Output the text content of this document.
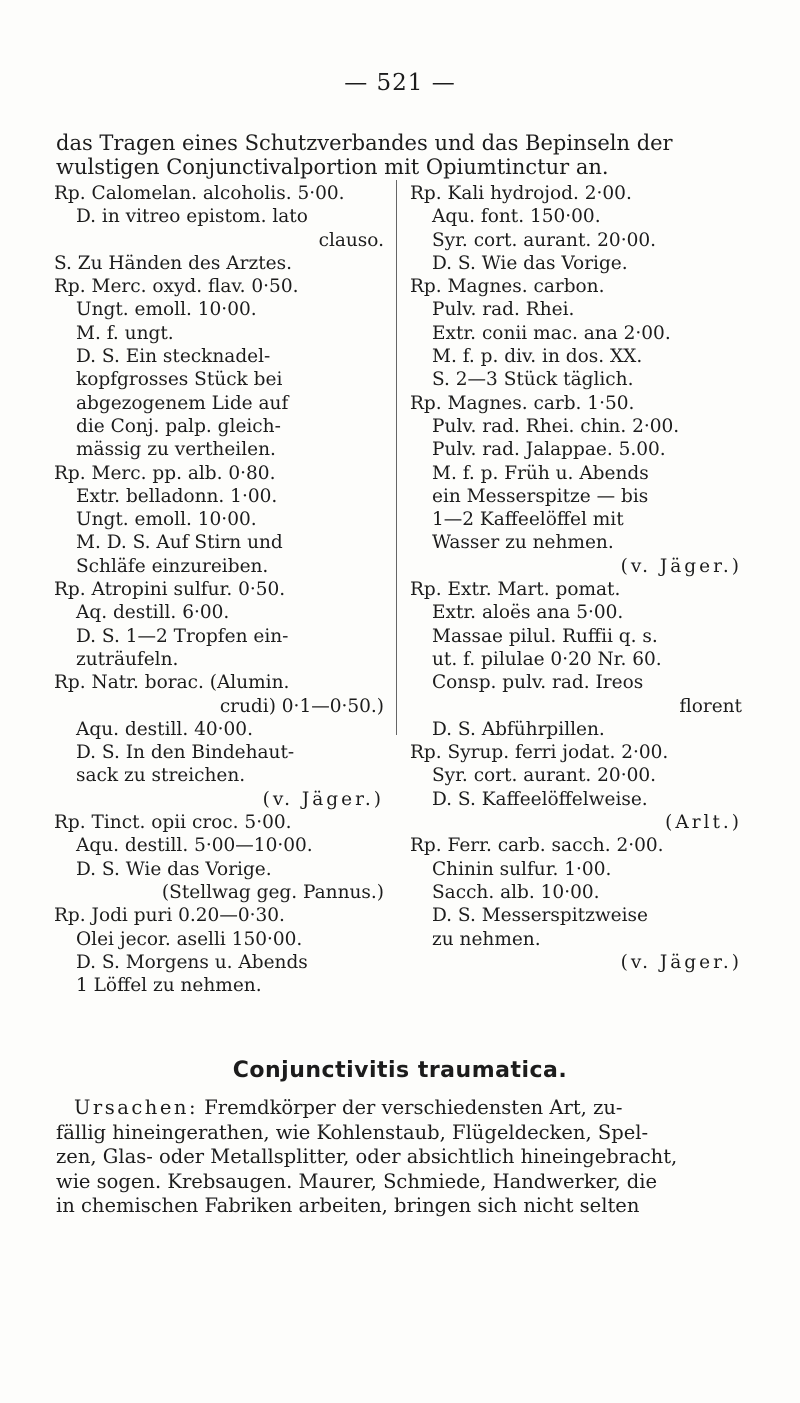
— 521 —
das Tragen eines Schutzverbandes und das Bepinseln der
wulstigen Conjunctivalportion mit Opiumtinctur an.
Rp. Calomelan. alcoholis. 5·00.
D. in vitreo epistom. lato
clauso.
S. Zu Händen des Arztes.
Rp. Merc. oxyd. flav. 0·50.
Ungt. emoll. 10·00.
M. f. ungt.
D. S. Ein stecknadel-
kopfgrosses Stück bei
abgezogenem Lide auf
die Conj. palp. gleich-
mässig zu vertheilen.
Rp. Merc. pp. alb. 0·80.
Extr. belladonn. 1·00.
Ungt. emoll. 10·00.
M. D. S. Auf Stirn und
Schläfe einzureiben.
Rp. Atropini sulfur. 0·50.
Aq. destill. 6·00.
D. S. 1—2 Tropfen ein-
zuträufeln.
Rp. Natr. borac. (Alumin.
crudi) 0·1—0·50.)
Aqu. destill. 40·00.
D. S. In den Bindehaut-
sack zu streichen.
(v. Jäger.)
Rp. Tinct. opii croc. 5·00.
Aqu. destill. 5·00—10·00.
D. S. Wie das Vorige.
(Stellwag geg. Pannus.)
Rp. Jodi puri 0.20—0·30.
Olei jecor. aselli 150·00.
D. S. Morgens u. Abends
1 Löffel zu nehmen.
Rp. Kali hydrojod. 2·00.
Aqu. font. 150·00.
Syr. cort. aurant. 20·00.
D. S. Wie das Vorige.
Rp. Magnes. carbon.
Pulv. rad. Rhei.
Extr. conii mac. ana 2·00.
M. f. p. div. in dos. XX.
S. 2—3 Stück täglich.
Rp. Magnes. carb. 1·50.
Pulv. rad. Rhei. chin. 2·00.
Pulv. rad. Jalappae. 5.00.
M. f. p. Früh u. Abends
ein Messerspitze — bis
1—2 Kaffeelöffel mit
Wasser zu nehmen.
(v. Jäger.)
Rp. Extr. Mart. pomat.
Extr. aloës ana 5·00.
Massae pilul. Ruffii q. s.
ut. f. pilulae 0·20 Nr. 60.
Consp. pulv. rad. Ireos
florent
D. S. Abführpillen.
Rp. Syrup. ferri jodat. 2·00.
Syr. cort. aurant. 20·00.
D. S. Kaffeelöffelweise.
(Arlt.)
Rp. Ferr. carb. sacch. 2·00.
Chinin sulfur. 1·00.
Sacch. alb. 10·00.
D. S. Messerspitzweise
zu nehmen.
(v. Jäger.)
Conjunctivitis traumatica.
Ursachen: Fremdkörper der verschiedensten Art, zu-
fällig hineingerathen, wie Kohlenstaub, Flügeldecken, Spel-
zen, Glas- oder Metallsplitter, oder absichtlich hineingebracht,
wie sogen. Krebsaugen. Maurer, Schmiede, Handwerker, die
in chemischen Fabriken arbeiten, bringen sich nicht selten
